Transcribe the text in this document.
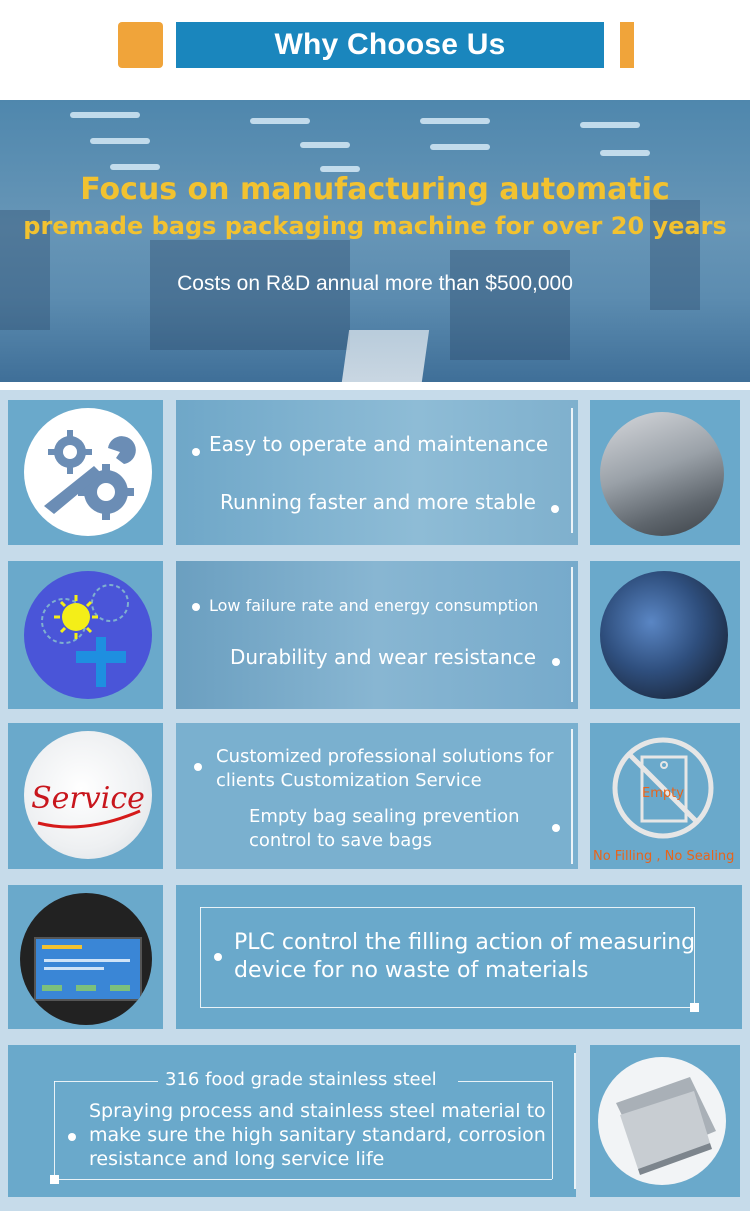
Why Choose Us
Focus on manufacturing automatic
premade bags packaging machine for over 20 years
Costs on R&D annual more than $500,000
Easy to operate and maintenance
Running faster and more stable
Low failure rate and energy consumption
Durability and wear resistance
Service
Customized professional solutions for
clients Customization Service
Empty bag sealing prevention
control to save bags
Empty
No Filling , No Sealing
PLC control the filling action of measuring
device for no waste of materials
316 food grade stainless steel
Spraying process and stainless steel material to
make sure the high sanitary standard, corrosion
resistance and long service life
